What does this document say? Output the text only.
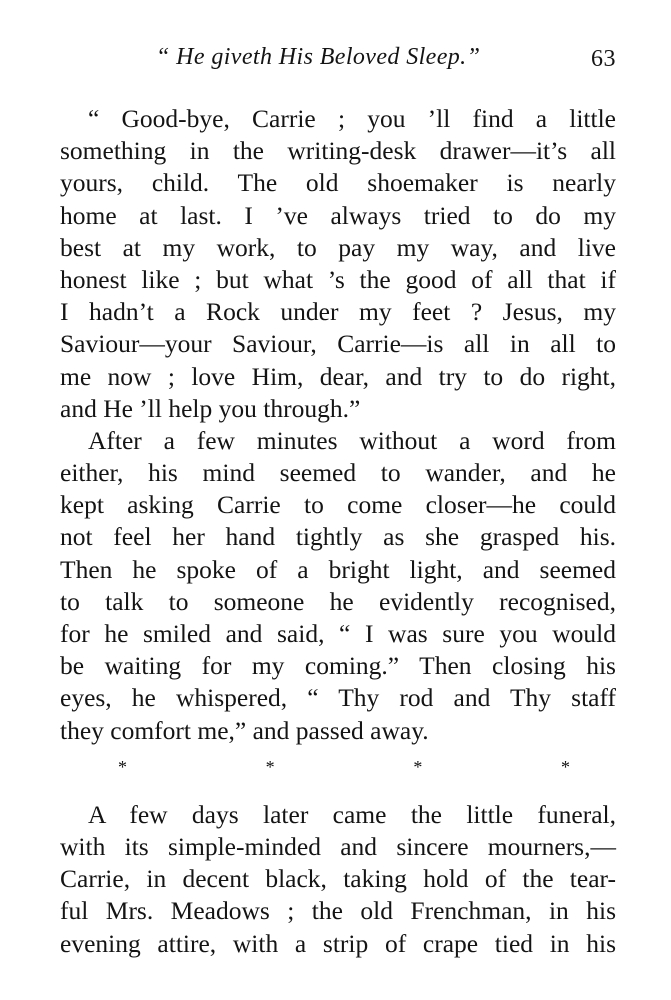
“ He giveth His Beloved Sleep.”	63
“ Good-bye, Carrie ; you ’ll find a little
something in the writing-desk drawer—it’s all
yours, child. The old shoemaker is nearly
home at last. I ’ve always tried to do my
best at my work, to pay my way, and live
honest like ; but what ’s the good of all that if
I hadn’t a Rock under my feet ? Jesus, my
Saviour—your Saviour, Carrie—is all in all to
me now ; love Him, dear, and try to do right,
and He ’ll help you through.”
After a few minutes without a word from
either, his mind seemed to wander, and he
kept asking Carrie to come closer—he could
not feel her hand tightly as she grasped his.
Then he spoke of a bright light, and seemed
to talk to someone he evidently recognised,
for he smiled and said, “ I was sure you would
be waiting for my coming.” Then closing his
eyes, he whispered, “ Thy rod and Thy staff
they comfort me,” and passed away.
*	*	*	*
A few days later came the little funeral,
with its simple-minded and sincere mourners,—
Carrie, in decent black, taking hold of the tear-
ful Mrs. Meadows ; the old Frenchman, in his
evening attire, with a strip of crape tied in his
